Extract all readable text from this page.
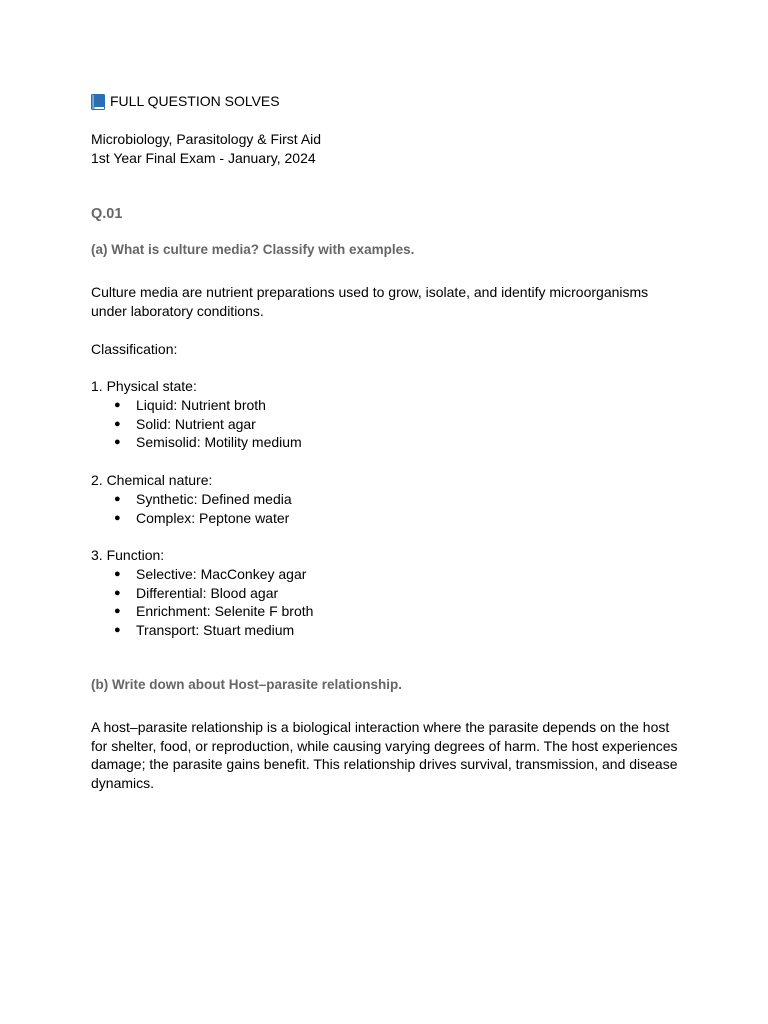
FULL QUESTION SOLVES
Microbiology, Parasitology & First Aid
1st Year Final Exam - January, 2024
Q.01
(a) What is culture media? Classify with examples.
Culture media are nutrient preparations used to grow, isolate, and identify microorganisms
under laboratory conditions.
Classification:
1. Physical state:
● Liquid: Nutrient broth
● Solid: Nutrient agar
● Semisolid: Motility medium
2. Chemical nature:
● Synthetic: Defined media
● Complex: Peptone water
3. Function:
● Selective: MacConkey agar
● Differential: Blood agar
● Enrichment: Selenite F broth
● Transport: Stuart medium
(b) Write down about Host–parasite relationship.
A host–parasite relationship is a biological interaction where the parasite depends on the host
for shelter, food, or reproduction, while causing varying degrees of harm. The host experiences
damage; the parasite gains benefit. This relationship drives survival, transmission, and disease
dynamics.
